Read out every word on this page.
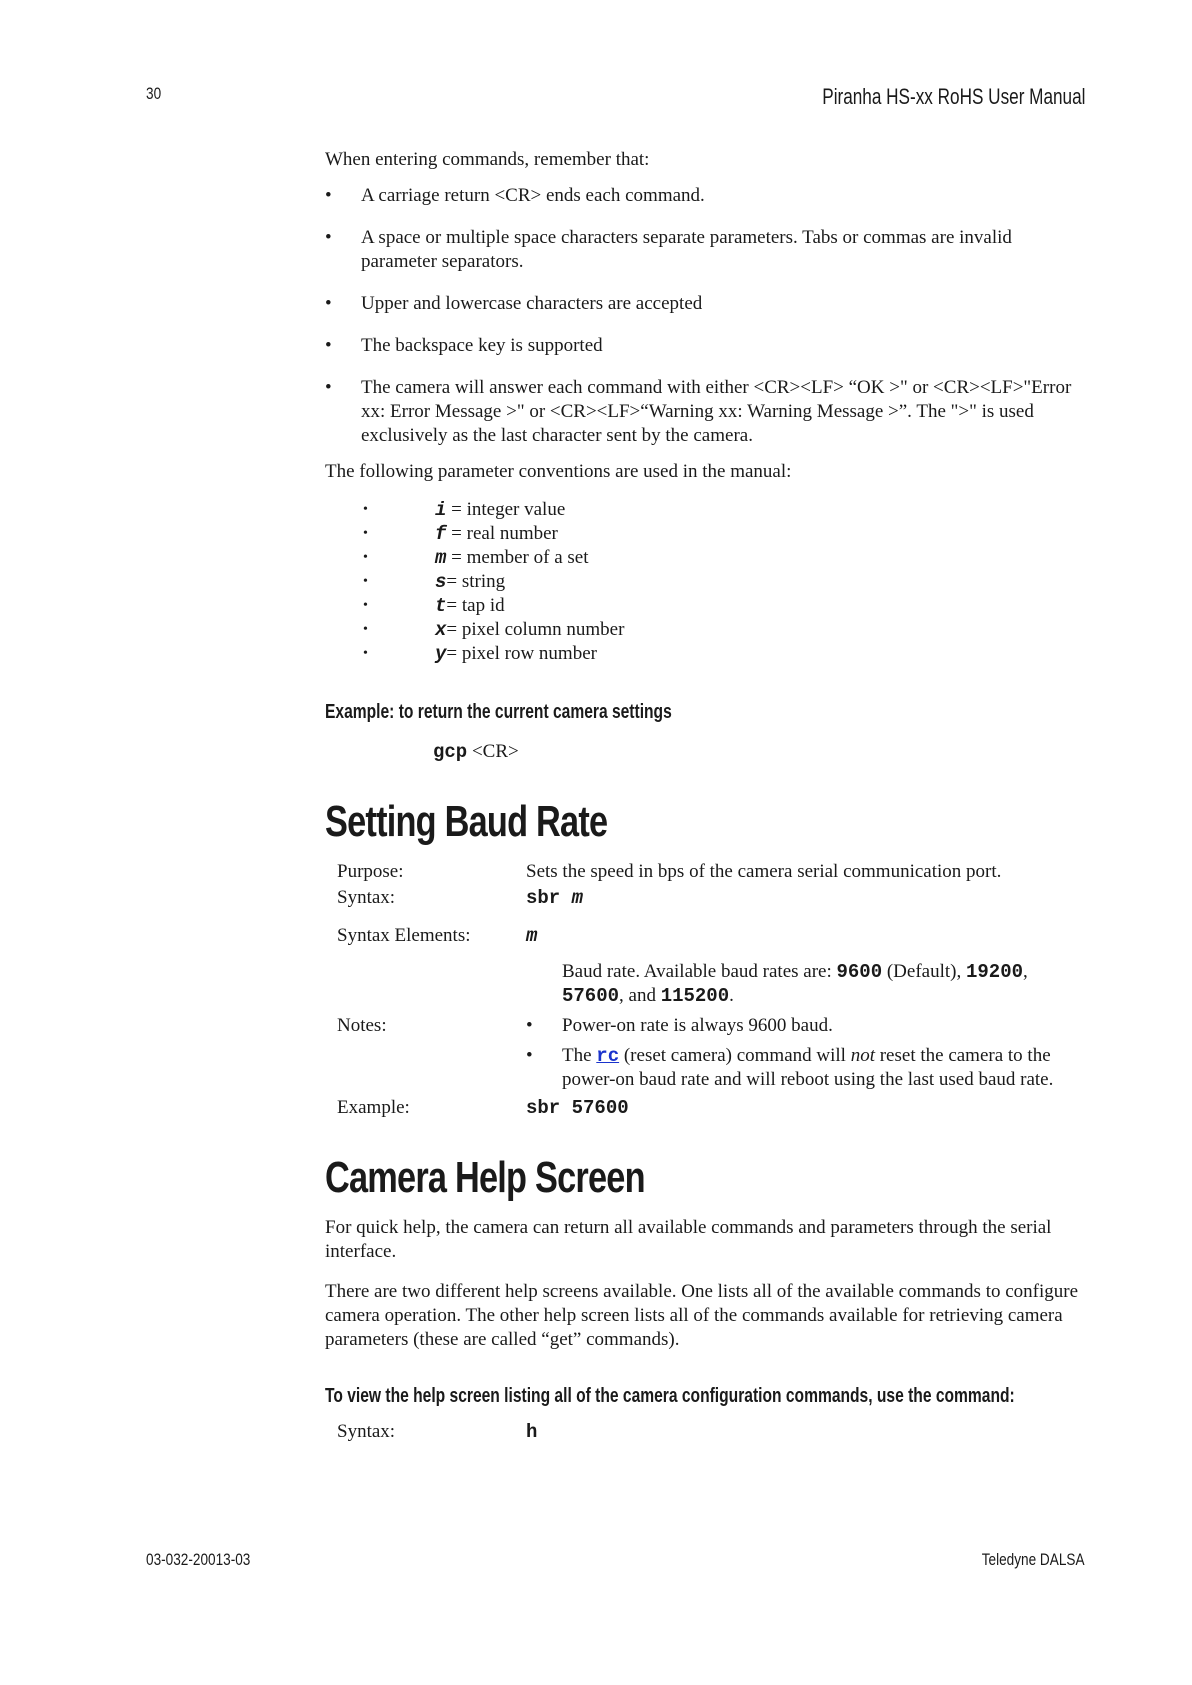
30	Piranha HS-xx RoHS User Manual

When entering commands, remember that:

• A carriage return <CR> ends each command.
• A space or multiple space characters separate parameters. Tabs or commas are invalid parameter separators.
• Upper and lowercase characters are accepted
• The backspace key is supported
• The camera will answer each command with either <CR><LF> “OK >" or <CR><LF>"Error xx: Error Message >" or <CR><LF>“Warning xx: Warning Message >”. The ">" is used exclusively as the last character sent by the camera.

The following parameter conventions are used in the manual:

•	i = integer value
•	f = real number
•	m = member of a set
•	s= string
•	t= tap id
•	x= pixel column number
•	y= pixel row number
Example: to return the current camera settings
gcp <CR>
Setting Baud Rate
Purpose:	Sets the speed in bps of the camera serial communication port.
Syntax:	sbr m
Syntax Elements:	m
Baud rate. Available baud rates are: 9600 (Default), 19200, 57600, and 115200.
Notes:	• Power-on rate is always 9600 baud.
• The rc (reset camera) command will not reset the camera to the power-on baud rate and will reboot using the last used baud rate.
Example:	sbr 57600
Camera Help Screen

For quick help, the camera can return all available commands and parameters through the serial interface.

There are two different help screens available. One lists all of the available commands to configure camera operation. The other help screen lists all of the commands available for retrieving camera parameters (these are called “get” commands).

To view the help screen listing all of the camera configuration commands, use the command:
Syntax:	h
03-032-20013-03	Teledyne DALSA
